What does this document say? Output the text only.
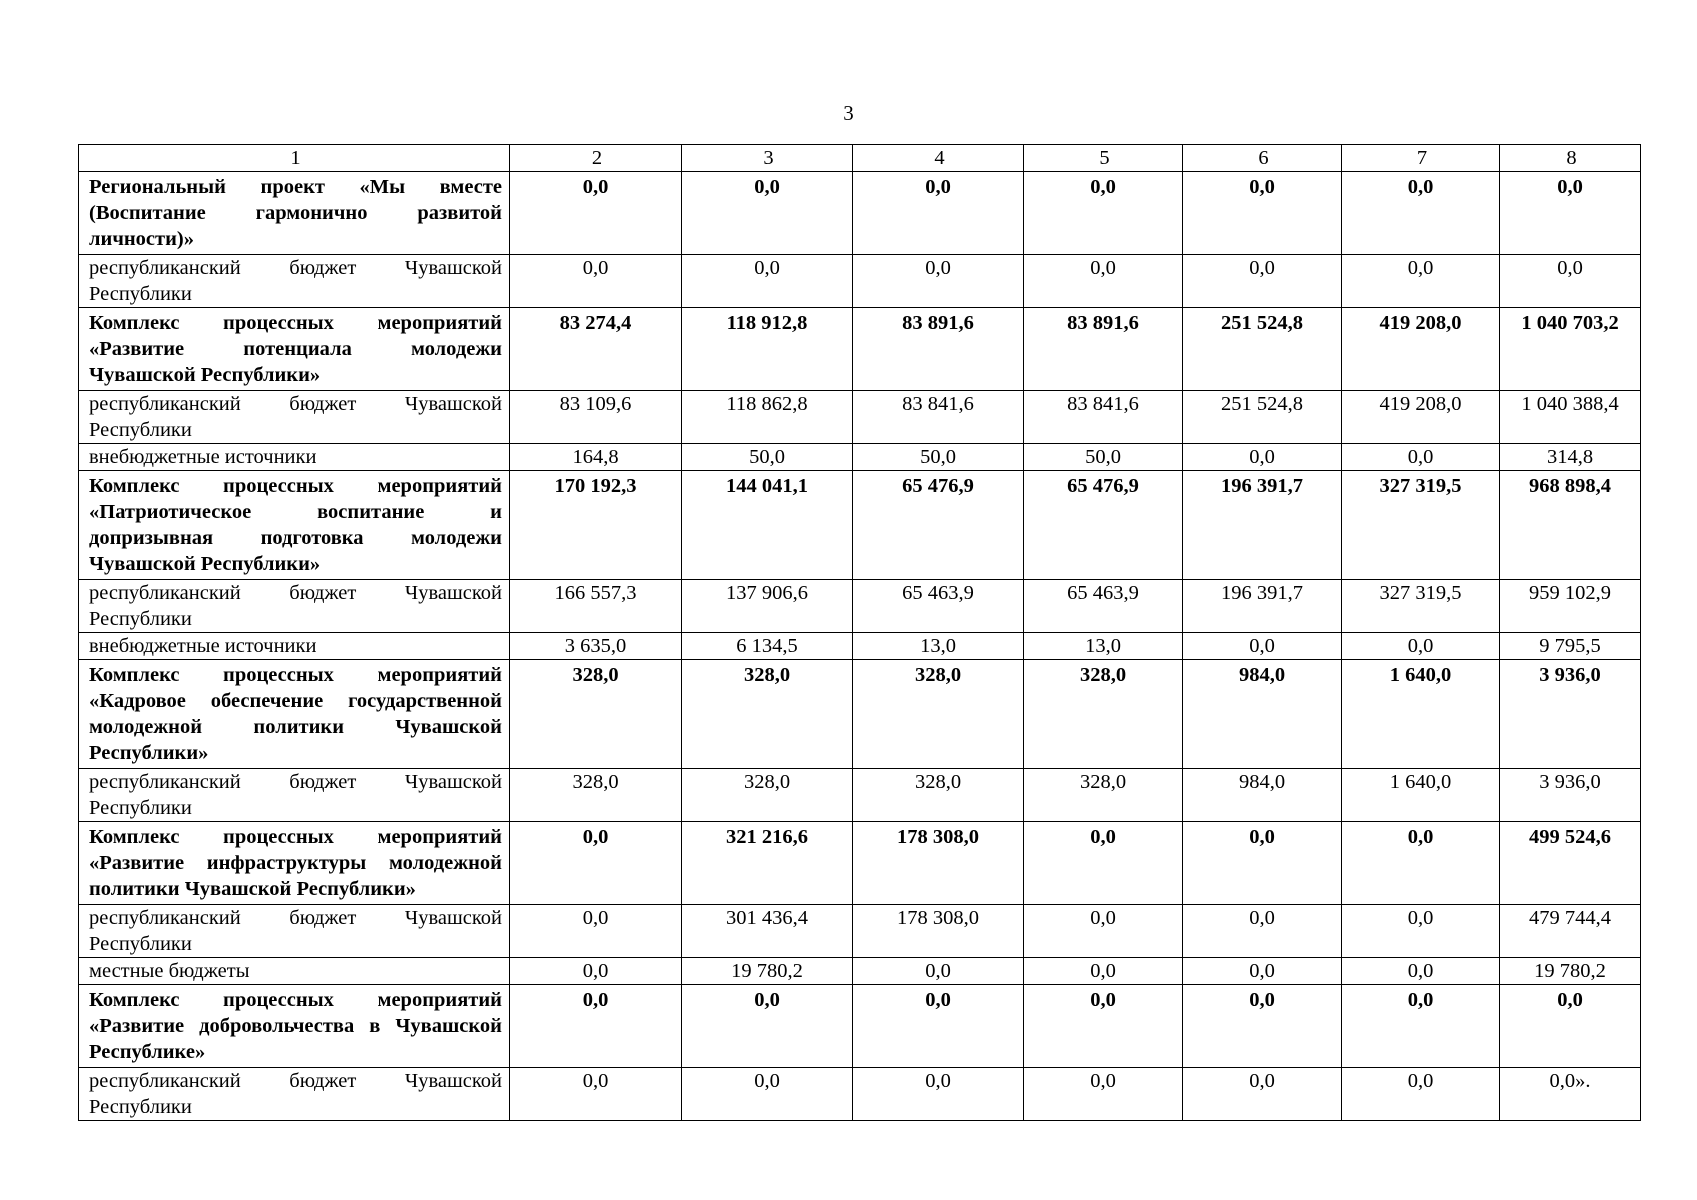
3
1	2	3	4	5	6	7	8
Региональный проект «Мы вместе (Воспитание гармонично развитой личности)»	0,0	0,0	0,0	0,0	0,0	0,0	0,0
республиканский бюджет Чувашской Республики	0,0	0,0	0,0	0,0	0,0	0,0	0,0
Комплекс процессных мероприятий «Развитие потенциала молодежи Чувашской Республики»	83 274,4	118 912,8	83 891,6	83 891,6	251 524,8	419 208,0	1 040 703,2
республиканский бюджет Чувашской Республики	83 109,6	118 862,8	83 841,6	83 841,6	251 524,8	419 208,0	1 040 388,4
внебюджетные источники	164,8	50,0	50,0	50,0	0,0	0,0	314,8
Комплекс процессных мероприятий «Патриотическое воспитание и допризывная подготовка молодежи Чувашской Республики»	170 192,3	144 041,1	65 476,9	65 476,9	196 391,7	327 319,5	968 898,4
республиканский бюджет Чувашской Республики	166 557,3	137 906,6	65 463,9	65 463,9	196 391,7	327 319,5	959 102,9
внебюджетные источники	3 635,0	6 134,5	13,0	13,0	0,0	0,0	9 795,5
Комплекс процессных мероприятий «Кадровое обеспечение государственной молодежной политики Чувашской Республики»	328,0	328,0	328,0	328,0	984,0	1 640,0	3 936,0
республиканский бюджет Чувашской Республики	328,0	328,0	328,0	328,0	984,0	1 640,0	3 936,0
Комплекс процессных мероприятий «Развитие инфраструктуры молодежной политики Чувашской Республики»	0,0	321 216,6	178 308,0	0,0	0,0	0,0	499 524,6
республиканский бюджет Чувашской Республики	0,0	301 436,4	178 308,0	0,0	0,0	0,0	479 744,4
местные бюджеты	0,0	19 780,2	0,0	0,0	0,0	0,0	19 780,2
Комплекс процессных мероприятий «Развитие добровольчества в Чувашской Республике»	0,0	0,0	0,0	0,0	0,0	0,0	0,0
республиканский бюджет Чувашской Республики	0,0	0,0	0,0	0,0	0,0	0,0	0,0».
